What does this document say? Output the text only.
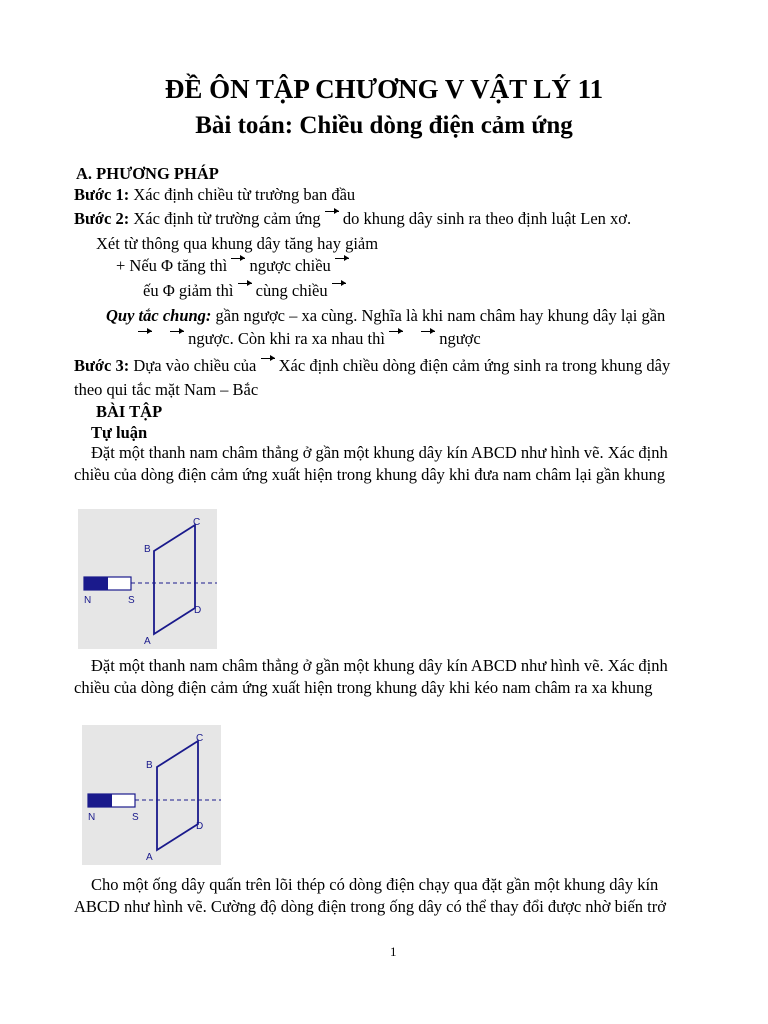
ĐỀ ÔN TẬP CHƯƠNG V VẬT LÝ 11
Bài toán: Chiều dòng điện cảm ứng
A. PHƯƠNG PHÁP
Bước 1: Xác định chiều từ trường ban đầu
Bước 2: Xác định từ trường cảm ứng  do khung dây sinh ra theo định luật Len xơ.
Xét từ thông qua khung dây tăng hay giảm
+ Nếu Φ tăng thì  ngược chiều
ếu Φ giảm thì  cùng chiều
Quy tắc chung: gần ngược – xa cùng. Nghĩa là khi nam châm hay khung dây lại gần
ngược. Còn khi ra xa nhau thì	ngược
Bước 3: Dựa vào chiều của  Xác định chiều dòng điện cảm ứng sinh ra trong khung dây
theo qui tắc mặt Nam – Bắc
BÀI TẬP
Tự luận
Đặt một thanh nam châm thẳng ở gần một khung dây kín ABCD như hình vẽ. Xác định
chiều của dòng điện cảm ứng xuất hiện trong khung dây khi đưa nam châm lại gần khung
N	S
B
C
D
A
Đặt một thanh nam châm thẳng ở gần một khung dây kín ABCD như hình vẽ. Xác định
chiều của dòng điện cảm ứng xuất hiện trong khung dây khi kéo nam châm ra xa khung
N	S
B
C
D
A
Cho một ống dây quấn trên lõi thép có dòng điện chạy qua đặt gần một khung dây kín
ABCD như hình vẽ. Cường độ dòng điện trong ống dây có thể thay đổi được nhờ biến trở
1
